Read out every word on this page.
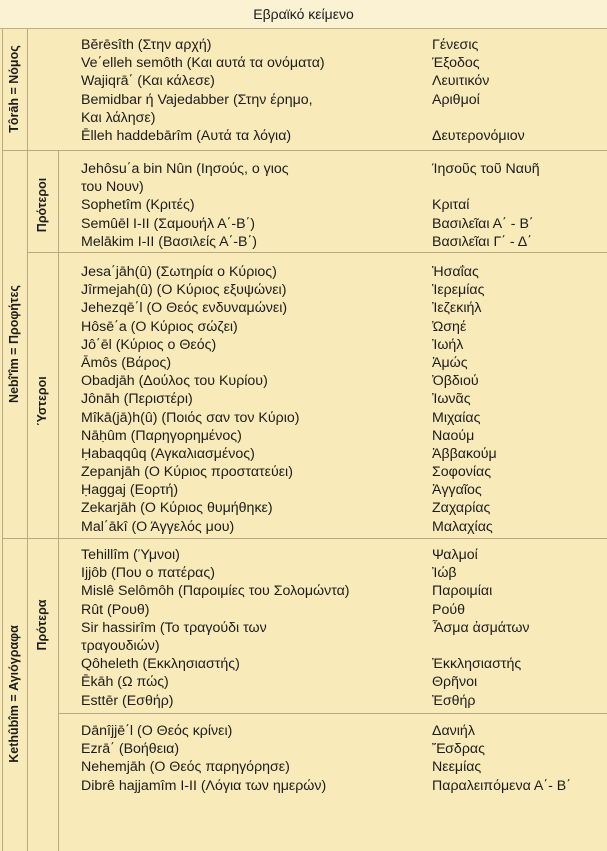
Εβραϊκό κείμενο
Tôrāh = Νόμος
Nebî'îm = Προφήτες
Kethûbîm = Αγιόγραφα
Πρότεροι
Ύστεροι
Πρότερα
Bĕrēsîth (Στην αρχή)	Γένεσις
Ve΄elleh semôth (Και αυτά τα ονόματα)	Έξοδος
Wajiqrā΄ (Και κάλεσε)	Λευιτικόν
Bemidbar ή Vajedabber (Στην έρημο,	Αριθμοί
Και λάλησε)
Ēlleh haddebārîm (Αυτά τα λόγια)	Δευτερονόμιον
Jehôsu΄a bin Nûn (Ιησούς, ο γιος	Ίησοῦς τοῦ Ναυῆ
του Νουν)
Sophetîm (Κριτές)	Κριταί
Semûēl I-II (Σαμουήλ Α΄-Β΄)	Βασιλεῖαι Α΄ - Β΄
Melākim I-II (Βασιλείς Α΄-Β΄)	Βασιλεῖαι Γ΄ - Δ΄
Jesa΄jāh(û) (Σωτηρία ο Κύριος)	Ἡσαΐας
Jîrmejah(û) (Ο Κύριος εξυψώνει)	Ἱερεμίας
Jehezqē΄l (Ο Θεός ενδυναμώνει)	Ἰεζεκιήλ
Hôsē΄a (Ο Κύριος σώζει)	Ὠσηέ
Jô΄ēl (Κύριος ο Θεός)	Ἰωήλ
Āmôs (Βάρος)	Ἀμώς
Obadjāh (Δούλος του Κυρίου)	Ὀβδιού
Jônāh (Περιστέρι)	Ἰωνᾶς
Mîkā(jā)h(û) (Ποιός σαν τον Κύριο)	Μιχαίας
Nāḥûm (Παρηγορημένος)	Ναούμ
Ḥabaqqûq (Αγκαλιασμένος)	Ἀββακούμ
Zepanjāh (Ο Κύριος προστατεύει)	Σοφονίας
Ḥaggaj (Εορτή)	Ἀγγαῖος
Zekarjāh (Ο Κύριος θυμήθηκε)	Ζαχαρίας
Mal΄ākî (Ο Άγγελός μου)	Μαλαχίας
Tehillîm (Ύμνοι)	Ψαλμοί
Ijjôb (Που ο πατέρας)	Ἰώβ
Mislê Selômôh (Παροιμίες του Σολομώντα)	Παροιμίαι
Rût (Ρουθ)	Ρούθ
Sir hassirîm (Το τραγούδι των	Ἆσμα ἀσμάτων
τραγουδιών)
Qôheleth (Εκκλησιαστής)	Ἐκκλησιαστής
Ēkāh (Ω πώς)	Θρῆνοι
Esttēr (Εσθήρ)	Ἐσθήρ
Dānîjjē΄l (Ο Θεός κρίνει)	Δανιήλ
Ezrā΄ (Βοήθεια)	Ἔσδρας
Nehemjāh (Ο Θεός παρηγόρησε)	Νεεμίας
Dibrê hajjamîm I-II (Λόγια των ημερών)	Παραλειπόμενα Α΄- Β΄
